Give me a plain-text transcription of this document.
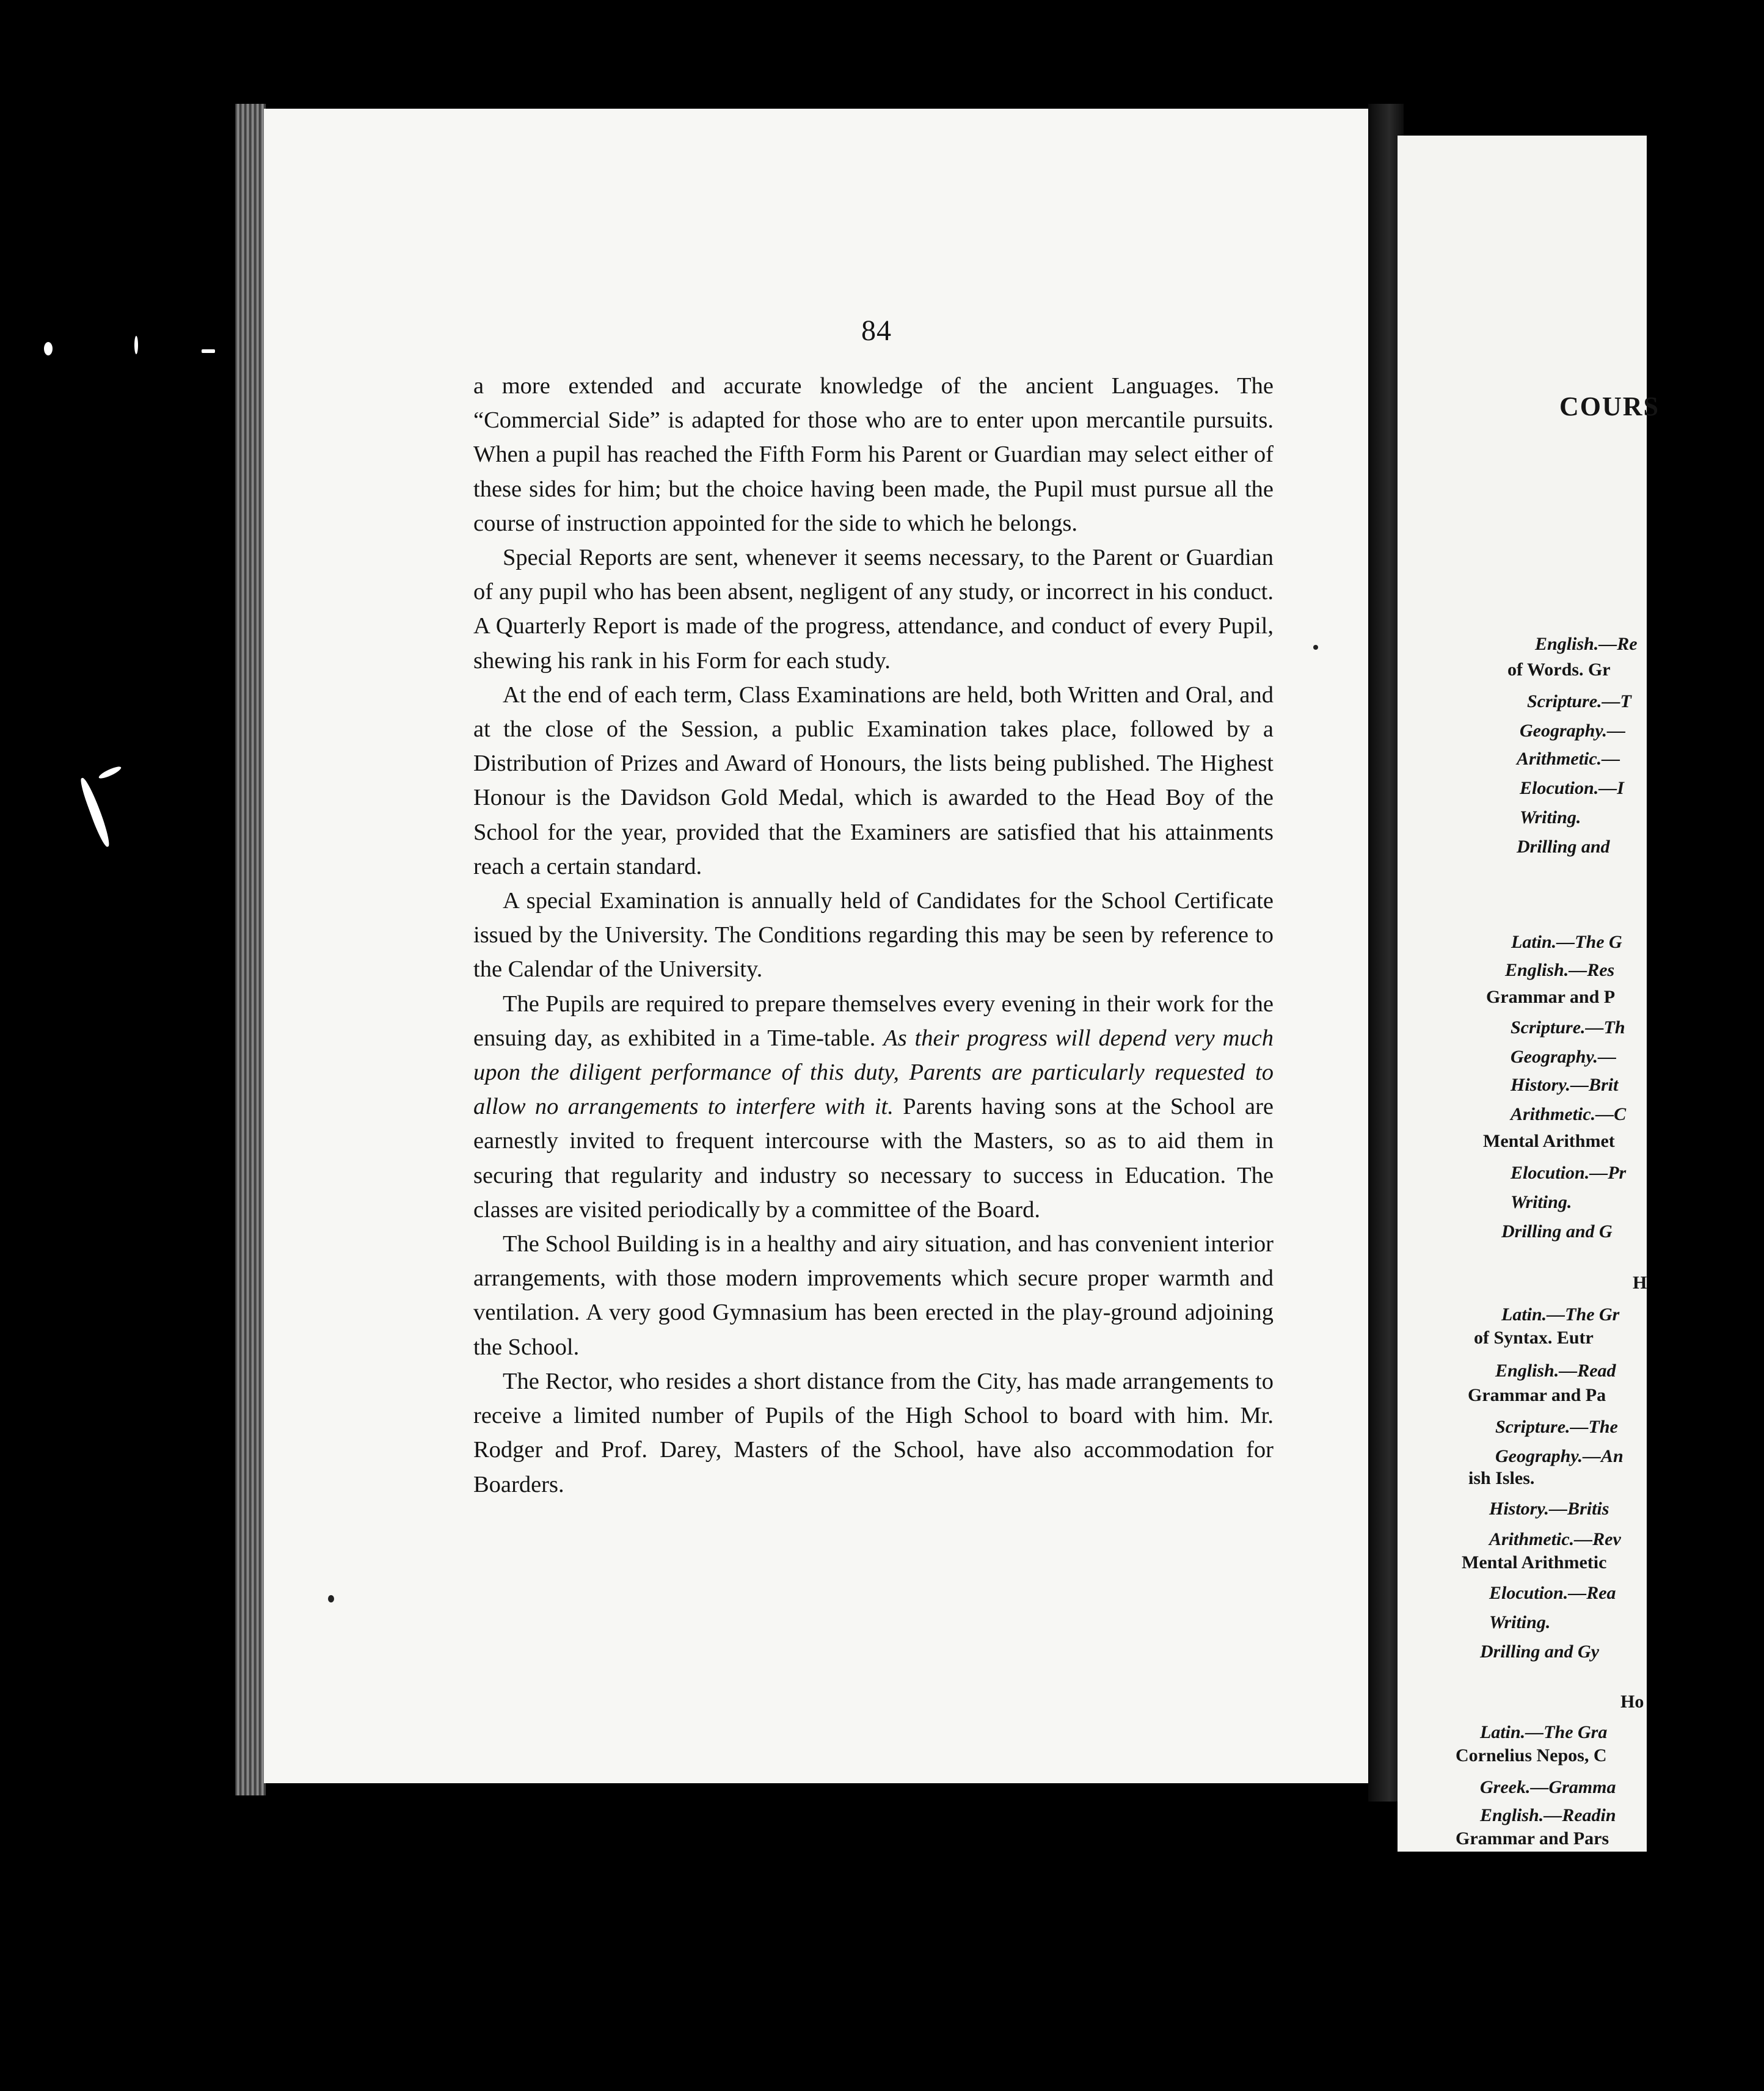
COURS
English.—Re
of Words. Gr
Scripture.—T
Geography.—
Arithmetic.—
Elocution.—I
Writing.
Drilling and
Latin.—The G
English.—Res
Grammar and P
Scripture.—Th
Geography.—
History.—Brit
Arithmetic.—C
Mental Arithmet
Elocution.—Pr
Writing.
Drilling and G
H
Latin.—The Gr
of Syntax. Eutr
English.—Read
Grammar and Pa
Scripture.—The
Geography.—An
ish Isles.
History.—Britis
Arithmetic.—Rev
Mental Arithmetic
Elocution.—Rea
Writing.
Drilling and Gy
Ho
Latin.—The Gra
Cornelius Nepos, C
Greek.—Gramma
English.—Readin
Grammar and Pars
84

a more extended and accurate knowledge of the ancient Languages. The “Commercial Side” is adapted for those who are to enter upon mercantile pursuits. When a pupil has reached the Fifth Form his Parent or Guardian may select either of these sides for him; but the choice having been made, the Pupil must pursue all the course of instruction appointed for the side to which he belongs.

Special Reports are sent, whenever it seems necessary, to the Parent or Guardian of any pupil who has been absent, negligent of any study, or incorrect in his conduct. A Quarterly Report is made of the progress, attendance, and conduct of every Pupil, shewing his rank in his Form for each study.

At the end of each term, Class Examinations are held, both Written and Oral, and at the close of the Session, a public Examination takes place, followed by a Distribution of Prizes and Award of Honours, the lists being published. The Highest Honour is the Davidson Gold Medal, which is awarded to the Head Boy of the School for the year, provided that the Examiners are satisfied that his attainments reach a certain standard.

A special Examination is annually held of Candidates for the School Certificate issued by the University. The Conditions regarding this may be seen by reference to the Calendar of the University.

The Pupils are required to prepare themselves every evening in their work for the ensuing day, as exhibited in a Time-table. As their progress will depend very much upon the diligent performance of this duty, Parents are particularly requested to allow no arrangements to interfere with it. Parents having sons at the School are earnestly invited to frequent intercourse with the Masters, so as to aid them in securing that regularity and industry so necessary to success in Education. The classes are visited periodically by a committee of the Board.

The School Building is in a healthy and airy situation, and has convenient interior arrangements, with those modern improvements which secure proper warmth and ventilation. A very good Gymnasium has been erected in the play-ground adjoining the School.

The Rector, who resides a short distance from the City, has made arrangements to receive a limited number of Pupils of the High School to board with him. Mr. Rodger and Prof. Darey, Masters of the School, have also accommodation for Boarders.
